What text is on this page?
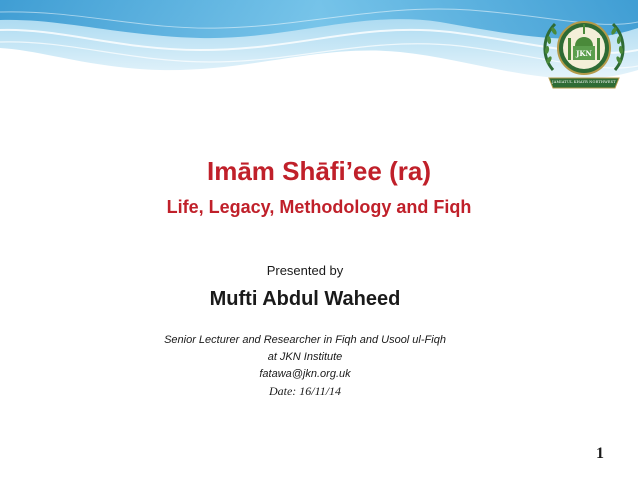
JKN
JAMIATUL KHAYR NORTHWEST
Imām Shāfi’ee (ra)
Life, Legacy, Methodology and Fiqh
Presented by
Mufti Abdul Waheed
Senior Lecturer and Researcher in Fiqh and Usool ul-Fiqh
at JKN Institute
fatawa@jkn.org.uk
Date: 16/11/14
1
